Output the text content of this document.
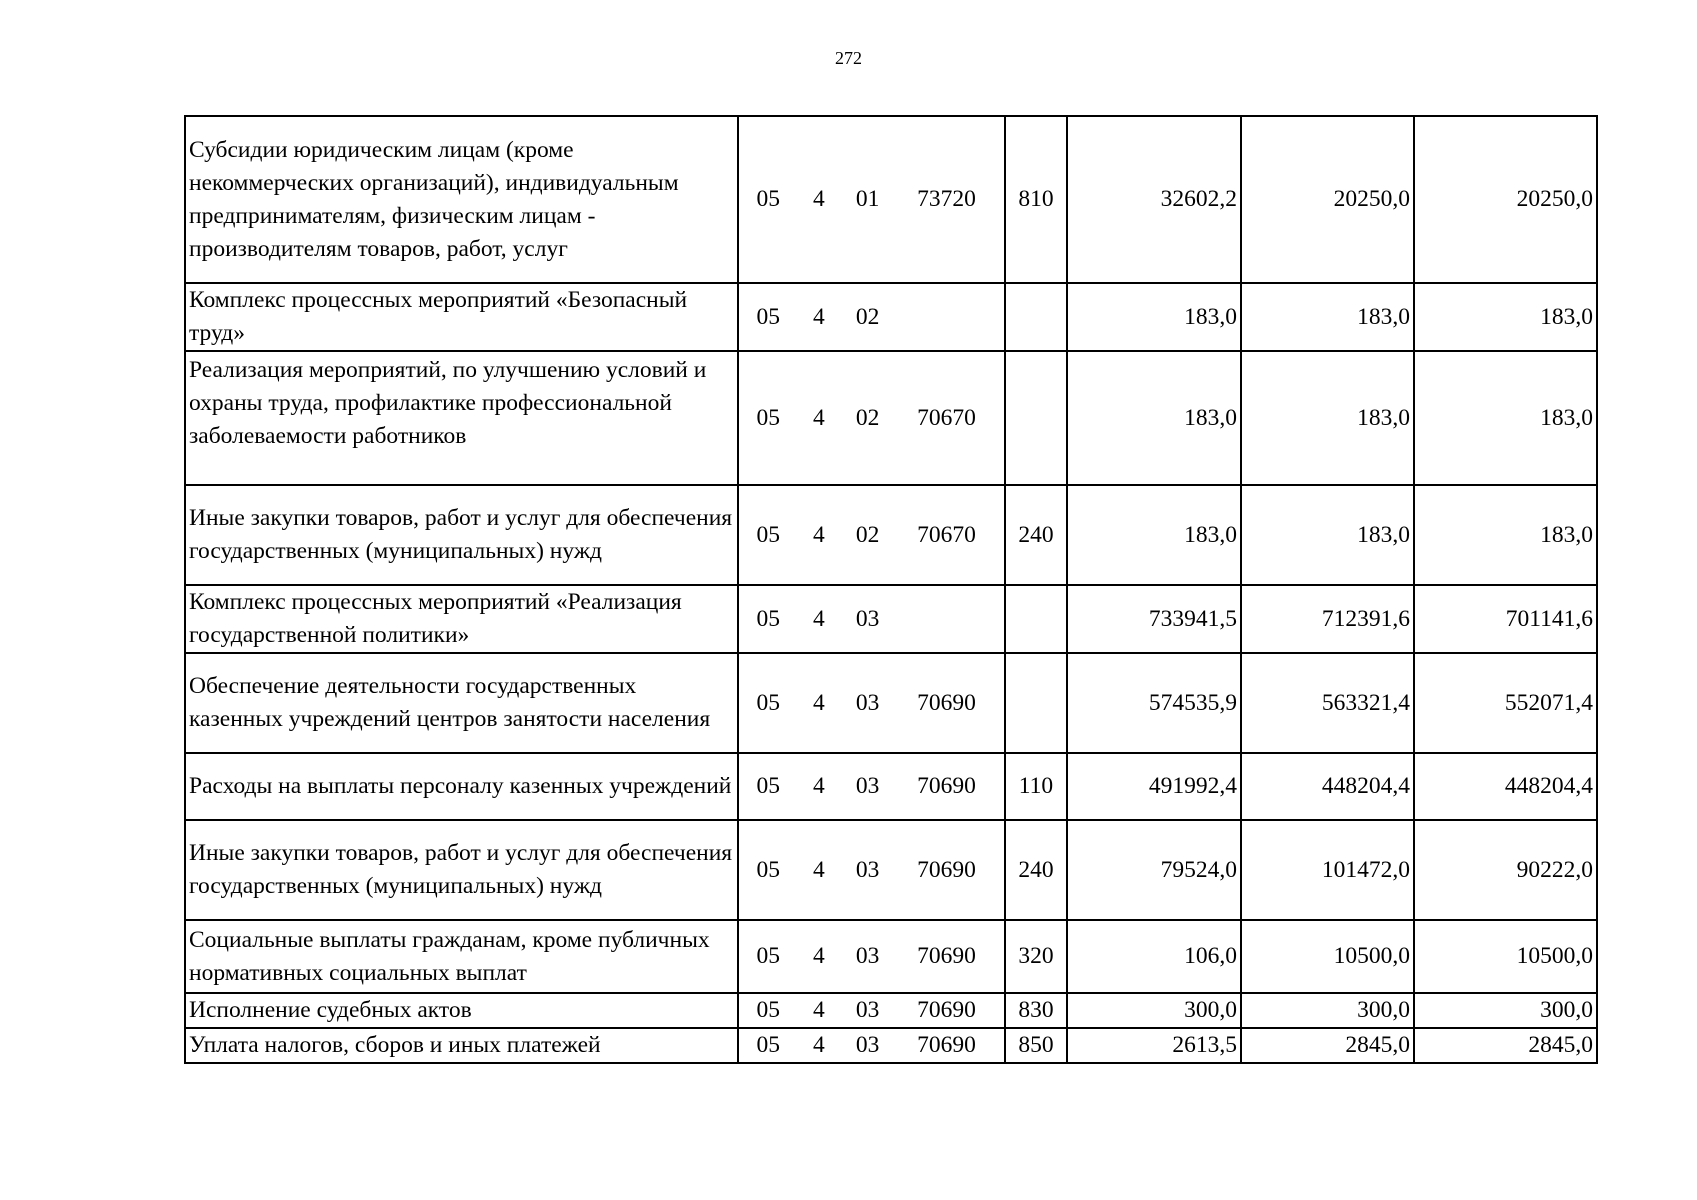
272
Субсидии юридическим лицам (кроме некоммерческих организаций), индивидуальным предпринимателям, физическим лицам - производителям товаров, работ, услуг	05 4 01 73720	810	32602,2	20250,0	20250,0
Комплекс процессных мероприятий «Безопасный труд»	05 4 02		183,0	183,0	183,0
Реализация мероприятий, по улучшению условий и охраны труда, профилактике профессиональной заболеваемости работников	05 4 02 70670		183,0	183,0	183,0
Иные закупки товаров, работ и услуг для обеспечения государственных (муниципальных) нужд	05 4 02 70670	240	183,0	183,0	183,0
Комплекс процессных мероприятий «Реализация государственной политики»	05 4 03		733941,5	712391,6	701141,6
Обеспечение деятельности государственных казенных учреждений центров занятости населения	05 4 03 70690		574535,9	563321,4	552071,4
Расходы на выплаты персоналу казенных учреждений	05 4 03 70690	110	491992,4	448204,4	448204,4
Иные закупки товаров, работ и услуг для обеспечения государственных (муниципальных) нужд	05 4 03 70690	240	79524,0	101472,0	90222,0
Социальные выплаты гражданам, кроме публичных нормативных социальных выплат	05 4 03 70690	320	106,0	10500,0	10500,0
Исполнение судебных актов	05 4 03 70690	830	300,0	300,0	300,0
Уплата налогов, сборов и иных платежей	05 4 03 70690	850	2613,5	2845,0	2845,0
